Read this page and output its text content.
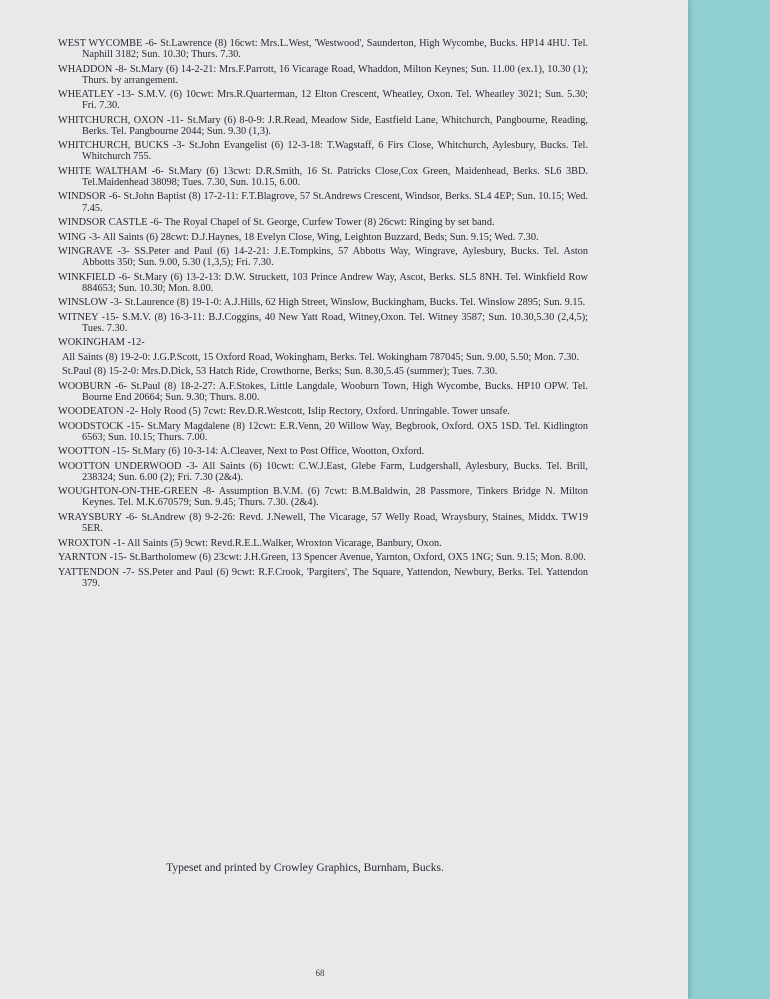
WEST WYCOMBE -6- St.Lawrence (8) 16cwt: Mrs.L.West, 'Westwood', Saunderton, High Wycombe, Bucks. HP14 4HU. Tel. Naphill 3182; Sun. 10.30; Thurs. 7.30.
WHADDON -8- St.Mary (6) 14-2-21: Mrs.F.Parrott, 16 Vicarage Road, Whaddon, Milton Keynes; Sun. 11.00 (ex.1), 10.30 (1); Thurs. by arrangement.
WHEATLEY -13- S.M.V. (6) 10cwt: Mrs.R.Quarterman, 12 Elton Crescent, Wheatley, Oxon. Tel. Wheatley 3021; Sun. 5.30; Fri. 7.30.
WHITCHURCH, OXON -11- St.Mary (6) 8-0-9: J.R.Read, Meadow Side, Eastfield Lane, Whitchurch, Pangbourne, Reading, Berks. Tel. Pangbourne 2044; Sun. 9.30 (1,3).
WHITCHURCH, BUCKS -3- St.John Evangelist (6) 12-3-18: T.Wagstaff, 6 Firs Close, Whitchurch, Aylesbury, Bucks. Tel. Whitchurch 755.
WHITE WALTHAM -6- St.Mary (6) 13cwt: D.R.Smith, 16 St. Patricks Close,Cox Green, Maidenhead, Berks. SL6 3BD. Tel.Maidenhead 38098; Tues. 7.30, Sun. 10.15, 6.00.
WINDSOR -6- St.John Baptist (8) 17-2-11: F.T.Blagrove, 57 St.Andrews Crescent, Windsor, Berks. SL4 4EP; Sun. 10.15; Wed. 7.45.
WINDSOR CASTLE -6- The Royal Chapel of St. George, Curfew Tower (8) 26cwt: Ringing by set band.
WING -3- All Saints (6) 28cwt: D.J.Haynes, 18 Evelyn Close, Wing, Leighton Buzzard, Beds; Sun. 9.15; Wed. 7.30.
WINGRAVE -3- SS.Peter and Paul (6) 14-2-21: J.E.Tompkins, 57 Abbotts Way, Wingrave, Aylesbury, Bucks. Tel. Aston Abbotts 350; Sun. 9.00, 5.30 (1,3,5); Fri. 7.30.
WINKFIELD -6- St.Mary (6) 13-2-13: D.W. Struckett, 103 Prince Andrew Way, Ascot, Berks. SL5 8NH. Tel. Winkfield Row 884653; Sun. 10.30; Mon. 8.00.
WINSLOW -3- St.Laurence (8) 19-1-0: A.J.Hills, 62 High Street, Winslow, Buckingham, Bucks. Tel. Winslow 2895; Sun. 9.15.
WITNEY -15- S.M.V. (8) 16-3-11: B.J.Coggins, 40 New Yatt Road, Witney,Oxon. Tel. Witney 3587; Sun. 10.30,5.30 (2,4,5); Tues. 7.30.
WOKINGHAM -12-
All Saints (8) 19-2-0: J.G.P.Scott, 15 Oxford Road, Wokingham, Berks. Tel. Wokingham 787045; Sun. 9.00, 5.50; Mon. 7.30.
St.Paul (8) 15-2-0: Mrs.D.Dick, 53 Hatch Ride, Crowthorne, Berks; Sun. 8.30,5.45 (summer); Tues. 7.30.
WOOBURN -6- St.Paul (8) 18-2-27: A.F.Stokes, Little Langdale, Wooburn Town, High Wycombe, Bucks. HP10 OPW. Tel. Bourne End 20664; Sun. 9.30; Thurs. 8.00.
WOODEATON -2- Holy Rood (5) 7cwt: Rev.D.R.Westcott, Islip Rectory, Oxford. Unringable. Tower unsafe.
WOODSTOCK -15- St.Mary Magdalene (8) 12cwt: E.R.Venn, 20 Willow Way, Begbrook, Oxford. OX5 1SD. Tel. Kidlington 6563; Sun. 10.15; Thurs. 7.00.
WOOTTON -15- St.Mary (6) 10-3-14: A.Cleaver, Next to Post Office, Wootton, Oxford.
WOOTTON UNDERWOOD -3- All Saints (6) 10cwt: C.W.J.East, Glebe Farm, Ludgershall, Aylesbury, Bucks. Tel. Brill, 238324; Sun. 6.00 (2); Fri. 7.30 (2&4).
WOUGHTON-ON-THE-GREEN -8- Assumption B.V.M. (6) 7cwt: B.M.Baldwin, 28 Passmore, Tinkers Bridge N. Milton Keynes. Tel. M.K.670579; Sun. 9.45; Thurs. 7.30. (2&4).
WRAYSBURY -6- St.Andrew (8) 9-2-26: Revd. J.Newell, The Vicarage, 57 Welly Road, Wraysbury, Staines, Middx. TW19 5ER.
WROXTON -1- All Saints (5) 9cwt: Revd.R.E.L.Walker, Wroxton Vicarage, Banbury, Oxon.
YARNTON -15- St.Bartholomew (6) 23cwt: J.H.Green, 13 Spencer Avenue, Yarnton, Oxford, OX5 1NG; Sun. 9.15; Mon. 8.00.
YATTENDON -7- SS.Peter and Paul (6) 9cwt: R.F.Crook, 'Pargiters', The Square, Yattendon, Newbury, Berks. Tel. Yattendon 379.
Typeset and printed by Crowley Graphics, Burnham, Bucks.
68
